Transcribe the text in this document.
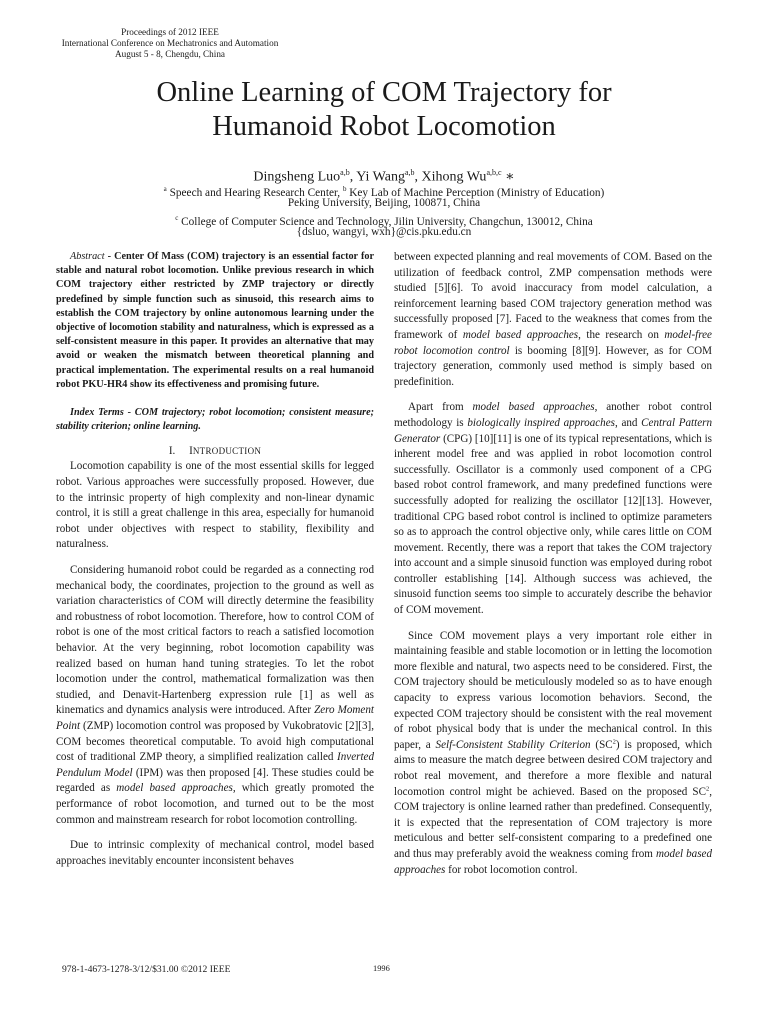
Proceedings of 2012 IEEE
International Conference on Mechatronics and Automation
August 5 - 8, Chengdu, China
Online Learning of COM Trajectory for
Humanoid Robot Locomotion
Dingsheng Luo$^{a,b}$, Yi Wang$^{a,b}$, Xihong Wu$^{a,b,c}$ ∗
$^a$ Speech and Hearing Research Center, $^b$ Key Lab of Machine Perception (Ministry of Education)
Peking University, Beijing, 100871, China
$^c$ College of Computer Science and Technology, Jilin University, Changchun, 130012, China
{dsluo, wangyi, wxh}@cis.pku.edu.cn

Abstract - Center Of Mass (COM) trajectory is an essential factor for stable and natural robot locomotion. Unlike previous research in which COM trajectory either restricted by ZMP trajectory or directly predefined by simple function such as sinusoid, this research aims to establish the COM trajectory by online autonomous learning under the objective of locomotion stability and naturalness, which is expressed as a self-consistent measure in this paper. It provides an alternative that may avoid or weaken the mismatch between theoretical planning and practical implementation. The experimental results on a real humanoid robot PKU-HR4 show its effectiveness and promising future.

Index Terms - COM trajectory; robot locomotion; consistent measure; stability criterion; online learning.

I. INTRODUCTION

Locomotion capability is one of the most essential skills for legged robot. Various approaches were successfully proposed. However, due to the intrinsic property of high complexity and non-linear dynamic control, it is still a great challenge in this area, especially for humanoid robot under objectives with respect to stability, flexibility and naturalness.

Considering humanoid robot could be regarded as a connecting rod mechanical body, the coordinates, projection to the ground as well as variation characteristics of COM will directly determine the feasibility and robustness of robot locomotion. Therefore, how to control COM of robot is one of the most critical factors to reach a satisfied locomotion behavior. At the very beginning, robot locomotion capability was realized based on human hand tuning strategies. To let the robot locomotion under the control, mathematical formalization was then studied, and Denavit-Hartenberg expression rule [1] as well as kinematics and dynamics analysis were introduced. After Zero Moment Point (ZMP) locomotion control was proposed by Vukobratovic [2][3], COM becomes theoretical computable. To avoid high computational cost of traditional ZMP theory, a simplified realization called Inverted Pendulum Model (IPM) was then proposed [4]. These studies could be regarded as model based approaches, which greatly promoted the performance of robot locomotion, and turned out to be the most common and mainstream research for robot locomotion controlling.

Due to intrinsic complexity of mechanical control, model based approaches inevitably encounter inconsistent behaves

between expected planning and real movements of COM. Based on the utilization of feedback control, ZMP compensation methods were studied [5][6]. To avoid inaccuracy from model calculation, a reinforcement learning based COM trajectory generation method was successfully proposed [7]. Faced to the weakness that comes from the framework of model based approaches, the research on model-free robot locomotion control is booming [8][9]. However, as for COM trajectory generation, commonly used method is simply based on predefinition.

Apart from model based approaches, another robot control methodology is biologically inspired approaches, and Central Pattern Generator (CPG) [10][11] is one of its typical representations, which is inherent model free and was applied in robot locomotion control successfully. Oscillator is a commonly used component of a CPG based robot control framework, and many predefined functions were successfully adopted for realizing the oscillator [12][13]. However, traditional CPG based robot control is inclined to optimize parameters so as to approach the control objective only, while cares little on COM movement. Recently, there was a report that takes the COM trajectory into account and a simple sinusoid function was employed during robot controller establishing [14]. Although success was achieved, the sinusoid function seems too simple to accurately describe the behavior of COM movement.

Since COM movement plays a very important role either in maintaining feasible and stable locomotion or in letting the locomotion more flexible and natural, two aspects need to be considered. First, the COM trajectory should be meticulously modeled so as to have enough capacity to express various locomotion behaviors. Second, the expected COM trajectory should be consistent with the real movement of robot physical body that is under the mechanical control. In this paper, a Self-Consistent Stability Criterion $(SC^2)$ is proposed, which aims to measure the match degree between desired COM trajectory and robot real movement, and therefore a more flexible and natural locomotion control might be achieved. Based on the proposed $SC^2$, COM trajectory is online learned rather than predefined. Consequently, it is expected that the representation of COM trajectory is more meticulous and better self-consistent comparing to a predefined one and thus may preferably avoid the weakness coming from model based approaches for robot locomotion control.

978-1-4673-1278-3/12/$31.00 ©2012 IEEE	1996
